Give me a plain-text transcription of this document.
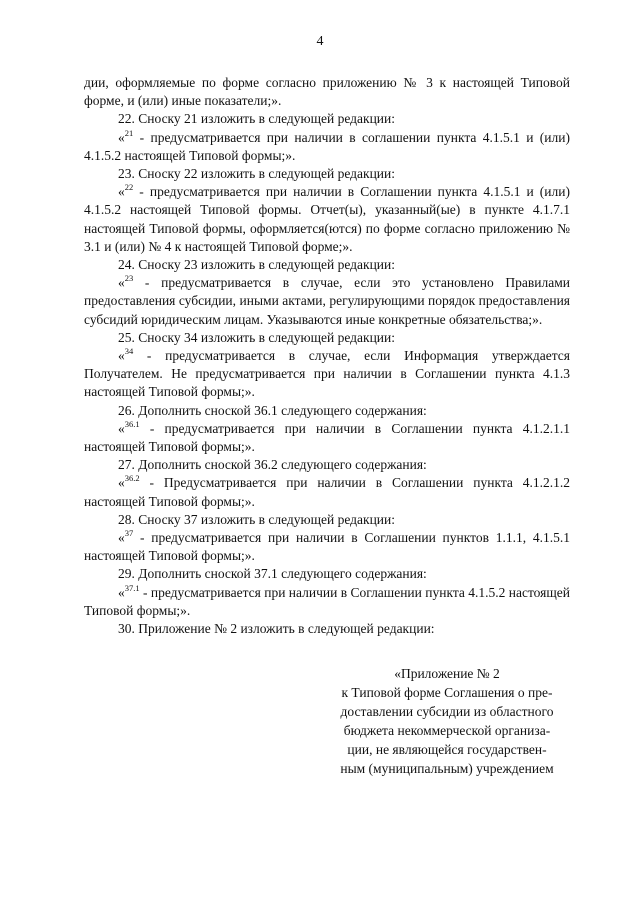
4

дии, оформляемые по форме согласно приложению № 3 к настоящей Типовой форме, и (или) иные показатели;».

22. Сноску 21 изложить в следующей редакции:

«$^{21}$ - предусматривается при наличии в соглашении пункта 4.1.5.1 и (или) 4.1.5.2 настоящей Типовой формы;».

23. Сноску 22 изложить в следующей редакции:

«$^{22}$ - предусматривается при наличии в Соглашении пункта 4.1.5.1 и (или) 4.1.5.2 настоящей Типовой формы. Отчет(ы), указанный(ые) в пункте 4.1.7.1 настоящей Типовой формы, оформляется(ются) по форме согласно приложению № 3.1 и (или) № 4 к настоящей Типовой форме;».

24. Сноску 23 изложить в следующей редакции:

«$^{23}$ - предусматривается в случае, если это установлено Правилами предоставления субсидии, иными актами, регулирующими порядок предоставления субсидий юридическим лицам. Указываются иные конкретные обязательства;».

25. Сноску 34 изложить в следующей редакции:

«$^{34}$ - предусматривается в случае, если Информация утверждается Получателем. Не предусматривается при наличии в Соглашении пункта 4.1.3 настоящей Типовой формы;».

26. Дополнить сноской 36.1 следующего содержания:

«$^{36.1}$ - предусматривается при наличии в Соглашении пункта 4.1.2.1.1 настоящей Типовой формы;».

27. Дополнить сноской 36.2 следующего содержания:

«$^{36.2}$ - Предусматривается при наличии в Соглашении пункта 4.1.2.1.2 настоящей Типовой формы;».

28. Сноску 37 изложить в следующей редакции:

«$^{37}$ - предусматривается при наличии в Соглашении пунктов 1.1.1, 4.1.5.1 настоящей Типовой формы;».

29. Дополнить сноской 37.1 следующего содержания:

«$^{37.1}$ - предусматривается при наличии в Соглашении пункта 4.1.5.2 настоящей Типовой формы;».

30. Приложение № 2 изложить в следующей редакции:

«Приложение № 2
к Типовой форме Соглашения о пре-
доставлении субсидии из областного
бюджета некоммерческой организа-
ции, не являющейся государствен-
ным (муниципальным) учреждением
